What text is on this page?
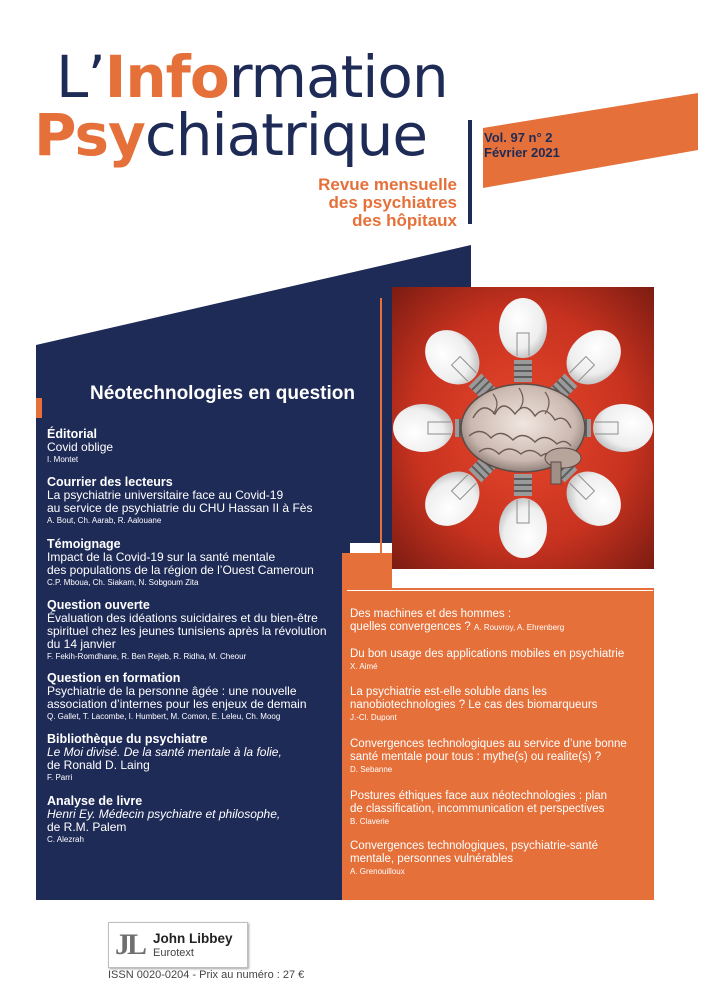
L’Information
Psychiatrique	Vol. 97 n° 2
Février 2021
Revue mensuelle
des psychiatres
des hôpitaux
Néotechnologies en question
Éditorial
Covid oblige
I. Montet
Courrier des lecteurs
La psychiatrie universitaire face au Covid-19
au service de psychiatrie du CHU Hassan II à Fès
A. Bout, Ch. Aarab, R. Aalouane
Témoignage
Impact de la Covid-19 sur la santé mentale
des populations de la région de l’Ouest Cameroun
C.P. Mboua, Ch. Siakam, N. Sobgoum Zita
Question ouverte
Évaluation des idéations suicidaires et du bien-être
spirituel chez les jeunes tunisiens après la révolution
du 14 janvier
F. Fekih-Romdhane, R. Ben Rejeb, R. Ridha, M. Cheour
Question en formation
Psychiatrie de la personne âgée : une nouvelle
association d’internes pour les enjeux de demain
Q. Gallet, T. Lacombe, I. Humbert, M. Comon, E. Leleu, Ch. Moog
Bibliothèque du psychiatre
Le Moi divisé. De la santé mentale à la folie,
de Ronald D. Laing
F. Parri
Analyse de livre
Henri Ey. Médecin psychiatre et philosophe,
de R.M. Palem
C. Alezrah
Des machines et des hommes :
quelles convergences ? A. Rouvroy, A. Ehrenberg
Du bon usage des applications mobiles en psychiatrie
X. Aimé
La psychiatrie est-elle soluble dans les
nanobiotechnologies ? Le cas des biomarqueurs
J.-Cl. Dupont
Convergences technologiques au service d’une bonne
santé mentale pour tous : mythe(s) ou realite(s) ?
D. Sebanne
Postures éthiques face aux néotechnologies : plan
de classification, incommunication et perspectives
B. Claverie
Convergences technologiques, psychiatrie-santé
mentale, personnes vulnérables
A. Grenouilloux
JL John Libbey
Eurotext
ISSN 0020-0204 - Prix au numéro : 27 €
